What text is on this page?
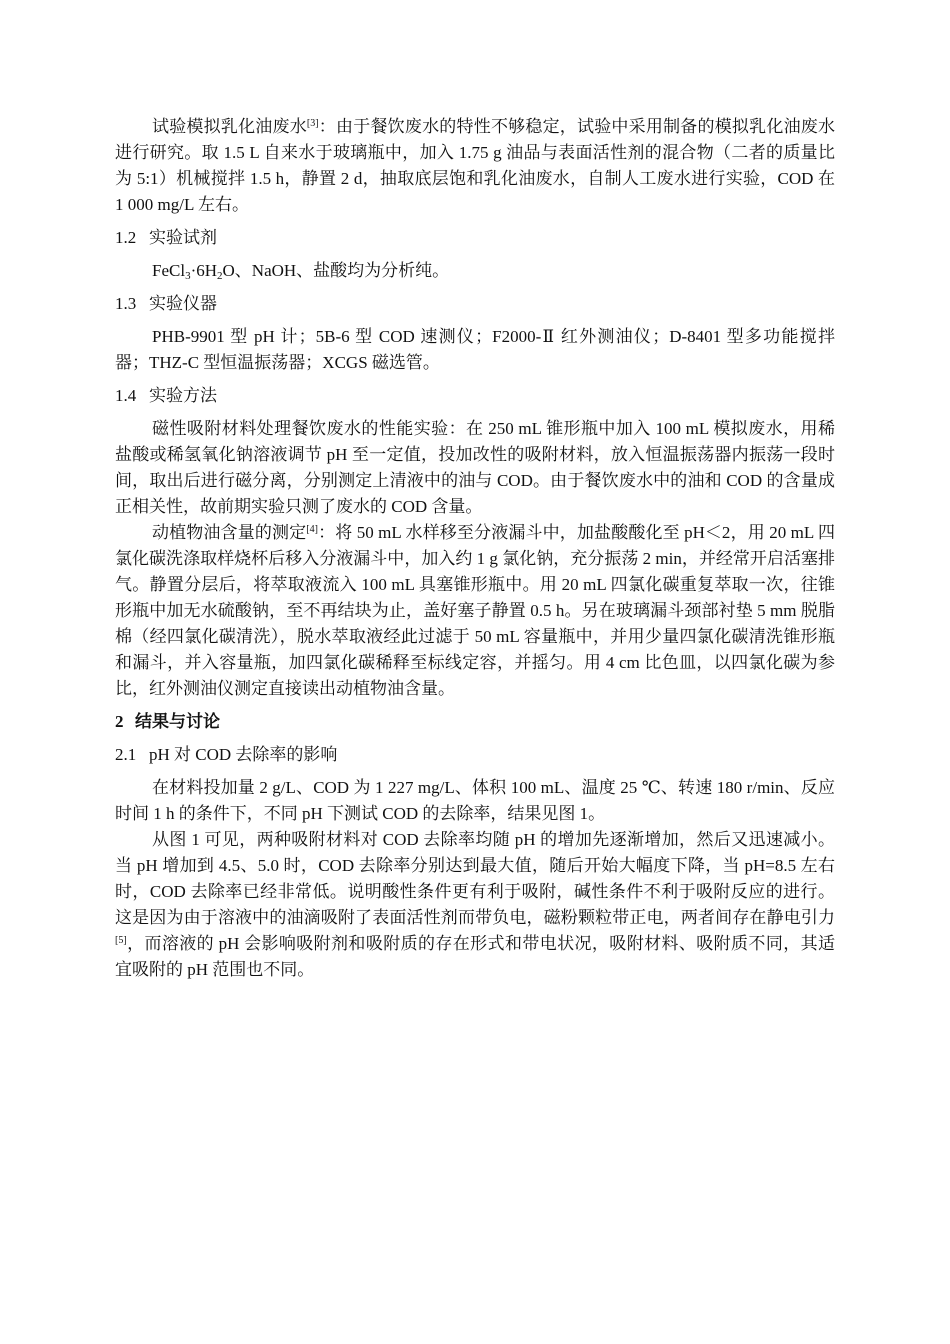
试验模拟乳化油废水[3]：由于餐饮废水的特性不够稳定，试验中采用制备的模拟乳化油废水进行研究。取 1.5 L 自来水于玻璃瓶中，加入 1.75 g 油品与表面活性剂的混合物（二者的质量比为 5:1）机械搅拌 1.5 h，静置 2 d，抽取底层饱和乳化油废水，自制人工废水进行实验，COD 在 1 000 mg/L 左右。

1.2 实验试剂

$FeCl_3\cdot 6H_2O$、NaOH、盐酸均为分析纯。

1.3 实验仪器

PHB-9901 型 pH 计；5B-6 型 COD 速测仪；F2000-Ⅱ 红外测油仪；D-8401 型多功能搅拌器；THZ-C 型恒温振荡器；XCGS 磁选管。

1.4 实验方法

磁性吸附材料处理餐饮废水的性能实验：在 250 mL 锥形瓶中加入 100 mL 模拟废水，用稀盐酸或稀氢氧化钠溶液调节 pH 至一定值，投加改性的吸附材料，放入恒温振荡器内振荡一段时间，取出后进行磁分离，分别测定上清液中的油与 COD。由于餐饮废水中的油和 COD 的含量成正相关性，故前期实验只测了废水的 COD 含量。

动植物油含量的测定[4]：将 50 mL 水样移至分液漏斗中，加盐酸酸化至 pH＜2，用 20 mL 四氯化碳洗涤取样烧杯后移入分液漏斗中，加入约 1 g 氯化钠，充分振荡 2 min，并经常开启活塞排气。静置分层后，将萃取液流入 100 mL 具塞锥形瓶中。用 20 mL 四氯化碳重复萃取一次，往锥形瓶中加无水硫酸钠，至不再结块为止，盖好塞子静置 0.5 h。另在玻璃漏斗颈部衬垫 5 mm 脱脂棉（经四氯化碳清洗），脱水萃取液经此过滤于 50 mL 容量瓶中，并用少量四氯化碳清洗锥形瓶和漏斗，并入容量瓶，加四氯化碳稀释至标线定容，并摇匀。用 4 cm 比色皿，以四氯化碳为参比，红外测油仪测定直接读出动植物油含量。

2 结果与讨论

2.1 pH 对 COD 去除率的影响

在材料投加量 2 g/L、COD 为 1 227 mg/L、体积 100 mL、温度 25 ℃、转速 180 r/min、反应时间 1 h 的条件下，不同 pH 下测试 COD 的去除率，结果见图 1。

从图 1 可见，两种吸附材料对 COD 去除率均随 pH 的增加先逐渐增加，然后又迅速减小。当 pH 增加到 4.5、5.0 时，COD 去除率分别达到最大值，随后开始大幅度下降，当 pH=8.5 左右时，COD 去除率已经非常低。说明酸性条件更有利于吸附，碱性条件不利于吸附反应的进行。这是因为由于溶液中的油滴吸附了表面活性剂而带负电，磁粉颗粒带正电，两者间存在静电引力[5]，而溶液的 pH 会影响吸附剂和吸附质的存在形式和带电状况，吸附材料、吸附质不同，其适宜吸附的 pH 范围也不同。
